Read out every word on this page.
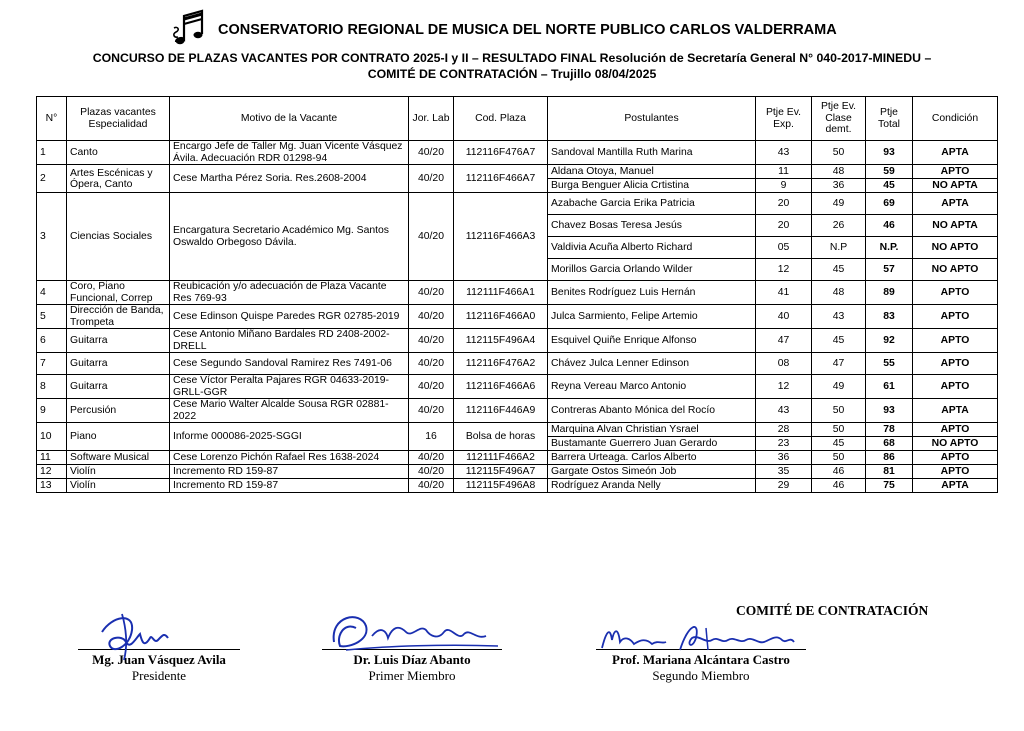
CONSERVATORIO REGIONAL DE MUSICA DEL NORTE PUBLICO CARLOS VALDERRAMA
CONCURSO DE PLAZAS VACANTES POR CONTRATO 2025-I y II – RESULTADO FINAL Resolución de Secretaría General N° 040-2017-MINEDU –
COMITÉ DE CONTRATACIÓN – Trujillo 08/04/2025
N°	Plazas vacantes Especialidad	Motivo de la Vacante	Jor. Lab	Cod. Plaza	Postulantes	Ptje Ev. Exp.	Ptje Ev. Clase demt.	Ptje Total	Condición
1	Canto	Encargo Jefe de Taller Mg. Juan Vicente Vásquez Ávila. Adecuación RDR 01298-94	40/20	112116F476A7	Sandoval Mantilla Ruth Marina	43	50	93	APTA
2	Artes Escénicas y Ópera, Canto	Cese Martha Pérez Soria. Res.2608-2004	40/20	112116F466A7	Aldana Otoya, Manuel	11	48	59	APTO
					Burga Benguer Alicia Crtistina	9	36	45	NO APTA
3	Ciencias Sociales	Encargatura Secretario Académico Mg. Santos Oswaldo Orbegoso Dávila.	40/20	112116F466A3	Azabache Garcia Erika Patricia	20	49	69	APTA
					Chavez Bosas Teresa Jesús	20	26	46	NO APTA
					Valdivia Acuña Alberto Richard	05	N.P	N.P.	NO APTO
					Morillos Garcia Orlando Wilder	12	45	57	NO APTO
4	Coro, Piano Funcional, Correp	Reubicación y/o adecuación de Plaza Vacante Res 769-93	40/20	112111F466A1	Benites Rodríguez Luis Hernán	41	48	89	APTO
5	Dirección de Banda, Trompeta	Cese Edinson Quispe Paredes RGR 02785-2019	40/20	112116F466A0	Julca Sarmiento, Felipe Artemio	40	43	83	APTO
6	Guitarra	Cese Antonio Miñano Bardales RD 2408-2002-DRELL	40/20	112115F496A4	Esquivel Quiñe Enrique Alfonso	47	45	92	APTO
7	Guitarra	Cese Segundo Sandoval Ramirez Res 7491-06	40/20	112116F476A2	Chávez Julca Lenner Edinson	08	47	55	APTO
8	Guitarra	Cese Víctor Peralta Pajares RGR 04633-2019-GRLL-GGR	40/20	112116F466A6	Reyna Vereau Marco Antonio	12	49	61	APTO
9	Percusión	Cese Mario Walter Alcalde Sousa RGR 02881-2022	40/20	112116F446A9	Contreras Abanto Mónica del Rocío	43	50	93	APTA
10	Piano	Informe 000086-2025-SGGI	16	Bolsa de horas	Marquina Alvan Christian Ysrael	28	50	78	APTO
					Bustamante Guerrero Juan Gerardo	23	45	68	NO APTO
11	Software Musical	Cese Lorenzo Pichón Rafael Res 1638-2024	40/20	112111F466A2	Barrera Urteaga. Carlos Alberto	36	50	86	APTO
12	Violín	Incremento RD 159-87	40/20	112115F496A7	Gargate Ostos Simeón Job	35	46	81	APTO
13	Violín	Incremento RD 159-87	40/20	112115F496A8	Rodríguez Aranda Nelly	29	46	75	APTA
COMITÉ DE CONTRATACIÓN
Mg. Juan Vásquez Avila
Presidente
Dr. Luis Díaz Abanto
Primer Miembro
Prof. Mariana Alcántara Castro
Segundo Miembro
